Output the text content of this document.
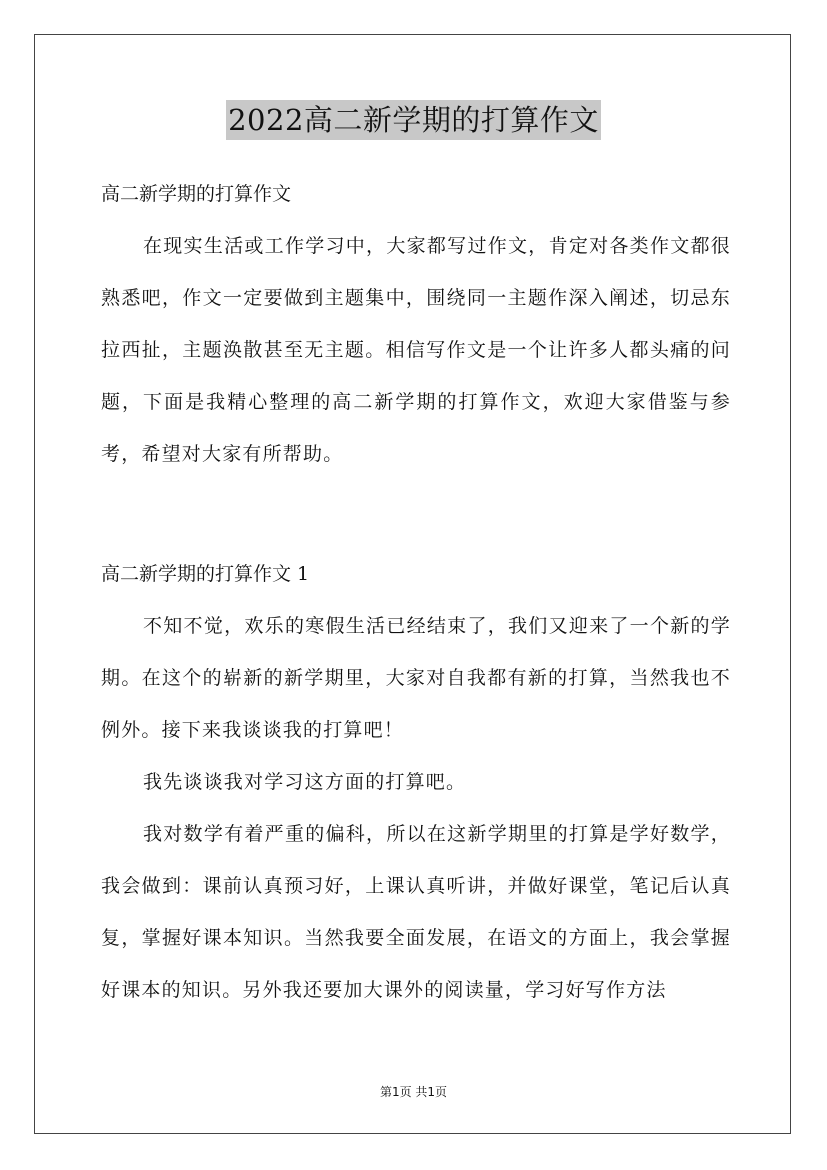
2022高二新学期的打算作文

高二新学期的打算作文

在现实生活或工作学习中，大家都写过作文，肯定对各类作文都很熟悉吧，作文一定要做到主题集中，围绕同一主题作深入阐述，切忌东拉西扯，主题涣散甚至无主题。相信写作文是一个让许多人都头痛的问题，下面是我精心整理的高二新学期的打算作文，欢迎大家借鉴与参考，希望对大家有所帮助。

高二新学期的打算作文 1

不知不觉，欢乐的寒假生活已经结束了，我们又迎来了一个新的学期。在这个的崭新的新学期里，大家对自我都有新的打算，当然我也不例外。接下来我谈谈我的打算吧！

我先谈谈我对学习这方面的打算吧。

我对数学有着严重的偏科，所以在这新学期里的打算是学好数学，我会做到：课前认真预习好，上课认真听讲，并做好课堂，笔记后认真复，掌握好课本知识。当然我要全面发展，在语文的方面上，我会掌握好课本的知识。另外我还要加大课外的阅读量，学习好写作方法

第1页 共1页
